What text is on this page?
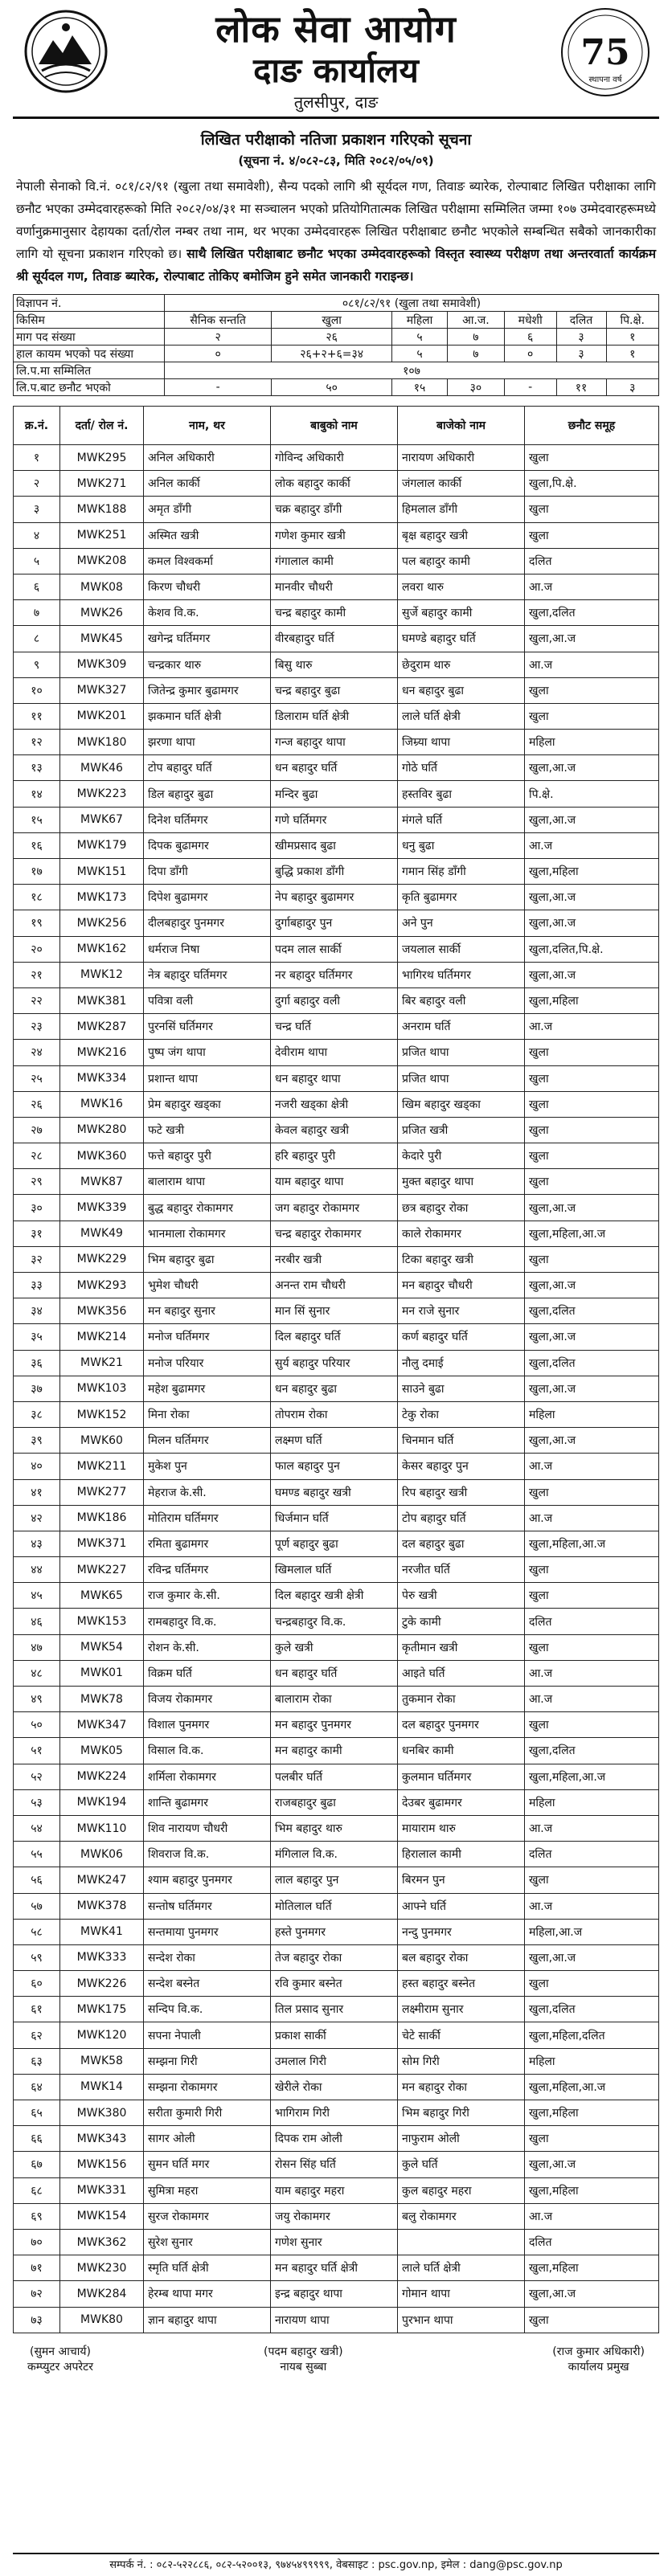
लोक सेवा आयोग
दाङ कार्यालय
तुलसीपुर, दाङ
75
स्थापना वर्ष
लिखित परीक्षाको नतिजा प्रकाशन गरिएको सूचना
(सूचना नं. ४/०८२-८३, मिति २०८२/०५/०९)

नेपाली सेनाको वि.नं. ०८१/८२/९१ (खुला तथा समावेशी), सैन्य पदको लागि श्री सूर्यदल गण, तिवाङ ब्यारेक, रोल्पाबाट लिखित परीक्षाका लागि छनौट भएका उम्मेदवारहरूको मिति २०८२/०४/३१ मा सञ्चालन भएको प्रतियोगितात्मक लिखित परीक्षामा सम्मिलित जम्मा १०७ उम्मेदवारहरूमध्ये वर्णानुक्रमानुसार देहायका दर्ता/रोल नम्बर तथा नाम, थर भएका उम्मेदवारहरू लिखित परीक्षाबाट छनौट भएकोले सम्बन्धित सबैको जानकारीका लागि यो सूचना प्रकाशन गरिएको छ। साथै लिखित परीक्षाबाट छनौट भएका उम्मेदवारहरूको विस्तृत स्वास्थ्य परीक्षण तथा अन्तरवार्ता कार्यक्रम श्री सूर्यदल गण, तिवाङ ब्यारेक, रोल्पाबाट तोकिए बमोजिम हुने समेत जानकारी गराइन्छ।

विज्ञापन नं.	०८१/८२/९१ (खुला तथा समावेशी)						
किसिम	सैनिक सन्तति	खुला	महिला	आ.ज.	मधेशी	दलित	पि.क्षे.
माग पद संख्या	२	२६	५	७	६	३	१
हाल कायम भएको पद संख्या	०	२६+२+६=३४	५	७	०	३	१
लि.प.मा सम्मिलित	१०७						
लि.प.बाट छनौट भएको	-	५०	१५	३०	-	११	३
क्र.नं.	दर्ता/ रोल नं.	नाम, थर	बाबुको नाम	बाजेको नाम	छनौट समूह
१	MWK295	अनिल अधिकारी	गोविन्द अधिकारी	नारायण अधिकारी	खुला
२	MWK271	अनिल कार्की	लोक बहादुर कार्की	जंगलाल कार्की	खुला,पि.क्षे.
३	MWK188	अमृत डाँगी	चक्र बहादुर डाँगी	हिमलाल डाँगी	खुला
४	MWK251	अस्मित खत्री	गणेश कुमार खत्री	बृक्ष बहादुर खत्री	खुला
५	MWK208	कमल विश्वकर्मा	गंगालाल कामी	पल बहादुर कामी	दलित
६	MWK08	किरण चौधरी	मानवीर चौधरी	लवरा थारु	आ.ज
७	MWK26	केशव वि.क.	चन्द्र बहादुर कामी	सुर्जे बहादुर कामी	खुला,दलित
८	MWK45	खगेन्द्र घर्तिमगर	वीरबहादुर घर्ति	घमण्डे बहादुर घर्ति	खुला,आ.ज
९	MWK309	चन्द्रकार थारु	बिसु थारु	छेदुराम थारु	आ.ज
१०	MWK327	जितेन्द्र कुमार बुढामगर	चन्द्र बहादुर बुढा	धन बहादुर बुढा	खुला
११	MWK201	झकमान घर्ति क्षेत्री	डिलाराम घर्ति क्षेत्री	लाले घर्ति क्षेत्री	खुला
१२	MWK180	झरणा थापा	गन्ज बहादुर थापा	जिम्र्या थापा	महिला
१३	MWK46	टोप बहादुर घर्ति	धन बहादुर घर्ति	गोठे घर्ति	खुला,आ.ज
१४	MWK223	डिल बहादुर बुढा	मन्दिर बुढा	हस्तविर बुढा	पि.क्षे.
१५	MWK67	दिनेश घर्तिमगर	गणे घर्तिमगर	मंगले घर्ति	खुला,आ.ज
१६	MWK179	दिपक बुढामगर	खीमप्रसाद बुढा	धनु बुढा	आ.ज
१७	MWK151	दिपा डाँगी	बुद्धि प्रकाश डाँगी	गमान सिंह डाँगी	खुला,महिला
१८	MWK173	दिपेश बुढामगर	नेप बहादुर बुढामगर	कृति बुढामगर	खुला,आ.ज
१९	MWK256	दीलबहादुर पुनमगर	दुर्गाबहादुर पुन	अने पुन	खुला,आ.ज
२०	MWK162	धर्मराज निषा	पदम लाल सार्की	जयलाल सार्की	खुला,दलित,पि.क्षे.
२१	MWK12	नेत्र बहादुर घर्तिमगर	नर बहादुर घर्तिमगर	भागिरथ घर्तिमगर	खुला,आ.ज
२२	MWK381	पवित्रा वली	दुर्गा बहादुर वली	बिर बहादुर वली	खुला,महिला
२३	MWK287	पुरनसिं घर्तिमगर	चन्द्र घर्ति	अनराम घर्ति	आ.ज
२४	MWK216	पुष्प जंग थापा	देवीराम थापा	प्रजित थापा	खुला
२५	MWK334	प्रशान्त थापा	धन बहादुर थापा	प्रजित थापा	खुला
२६	MWK16	प्रेम बहादुर खड्का	नजरी खड्का क्षेत्री	खिम बहादुर खड्का	खुला
२७	MWK280	फटे खत्री	केवल बहादुर खत्री	प्रजित खत्री	खुला
२८	MWK360	फत्ते बहादुर पुरी	हरि बहादुर पुरी	केदारे पुरी	खुला
२९	MWK87	बालाराम थापा	याम बहादुर थापा	मुक्त बहादुर थापा	खुला
३०	MWK339	बुद्ध बहादुर रोकामगर	जग बहादुर रोकामगर	छत्र बहादुर रोका	खुला,आ.ज
३१	MWK49	भानमाला रोकामगर	चन्द्र बहादुर रोकामगर	काले रोकामगर	खुला,महिला,आ.ज
३२	MWK229	भिम बहादुर बुढा	नरबीर खत्री	टिका बहादुर खत्री	खुला
३३	MWK293	भुमेश चौधरी	अनन्त राम चौधरी	मन बहादुर चौधरी	खुला,आ.ज
३४	MWK356	मन बहादुर सुनार	मान सिं सुनार	मन राजे सुनार	खुला,दलित
३५	MWK214	मनोज घर्तिमगर	दिल बहादुर घर्ति	कर्ण बहादुर घर्ति	खुला,आ.ज
३६	MWK21	मनोज परियार	सुर्य बहादुर परियार	नौलु दमाई	खुला,दलित
३७	MWK103	महेश बुढामगर	धन बहादुर बुढा	साउने बुढा	खुला,आ.ज
३८	MWK152	मिना रोका	तोपराम रोका	टेकु रोका	महिला
३९	MWK60	मिलन घर्तिमगर	लक्ष्मण घर्ति	चिनमान घर्ति	खुला,आ.ज
४०	MWK211	मुकेश पुन	फाल बहादुर पुन	केसर बहादुर पुन	आ.ज
४१	MWK277	मेहराज के.सी.	घमण्ड बहादुर खत्री	रिप बहादुर खत्री	खुला
४२	MWK186	मोतिराम घर्तिमगर	धिर्जमान घर्ति	टोप बहादुर घर्ति	आ.ज
४३	MWK371	रमिता बुढामगर	पूर्ण बहादुर बुढा	दल बहादुर बुढा	खुला,महिला,आ.ज
४४	MWK227	रविन्द्र घर्तिमगर	खिमलाल घर्ति	नरजीत घर्ति	खुला
४५	MWK65	राज कुमार के.सी.	दिल बहादुर खत्री क्षेत्री	पेरु खत्री	खुला
४६	MWK153	रामबहादुर वि.क.	चन्द्रबहादुर वि.क.	टुके कामी	दलित
४७	MWK54	रोशन के.सी.	कुले खत्री	कृतीमान खत्री	खुला
४८	MWK01	विक्रम घर्ति	धन बहादुर घर्ति	आइते घर्ति	आ.ज
४९	MWK78	विजय रोकामगर	बालाराम रोका	तुकमान रोका	आ.ज
५०	MWK347	विशाल पुनमगर	मन बहादुर पुनमगर	दल बहादुर पुनमगर	खुला
५१	MWK05	विसाल वि.क.	मन बहादुर कामी	धनबिर कामी	खुला,दलित
५२	MWK224	शर्मिला रोकामगर	पलबीर घर्ति	कुलमान घर्तिमगर	खुला,महिला,आ.ज
५३	MWK194	शान्ति बुढामगर	राजबहादुर बुढा	देउबर बुढामगर	महिला
५४	MWK110	शिव नारायण चौधरी	भिम बहादुर थारु	मायाराम थारु	आ.ज
५५	MWK06	शिवराज वि.क.	मंगिलाल वि.क.	हिरालाल कामी	दलित
५६	MWK247	श्याम बहादुर पुनमगर	लाल बहादुर पुन	बिरमन पुन	खुला
५७	MWK378	सन्तोष घर्तिमगर	मोतिलाल घर्ति	आफ्ने घर्ति	आ.ज
५८	MWK41	सन्तमाया पुनमगर	हस्ते पुनमगर	नन्दु पुनमगर	महिला,आ.ज
५९	MWK333	सन्देश रोका	तेज बहादुर रोका	बल बहादुर रोका	खुला,आ.ज
६०	MWK226	सन्देश बस्नेत	रवि कुमार बस्नेत	हस्त बहादुर बस्नेत	खुला
६१	MWK175	सन्दिप वि.क.	तिल प्रसाद सुनार	लक्ष्मीराम सुनार	खुला,दलित
६२	MWK120	सपना नेपाली	प्रकाश सार्की	चेटे सार्की	खुला,महिला,दलित
६३	MWK58	सम्झना गिरी	उमलाल गिरी	सोम गिरी	महिला
६४	MWK14	सम्झना रोकामगर	खेरीले रोका	मन बहादुर रोका	खुला,महिला,आ.ज
६५	MWK380	सरीता कुमारी गिरी	भागिराम गिरी	भिम बहादुर गिरी	खुला,महिला
६६	MWK343	सागर ओली	दिपक राम ओली	नाफुराम ओली	खुला
६७	MWK156	सुमन घर्ति मगर	रोसन सिंह घर्ति	कुले घर्ति	खुला,आ.ज
६८	MWK331	सुमित्रा महरा	याम बहादुर महरा	कुल बहादुर महरा	खुला,महिला
६९	MWK154	सुरज रोकामगर	जयु रोकामगर	बलु रोकामगर	आ.ज
७०	MWK362	सुरेश सुनार	गणेश सुनार		दलित
७१	MWK230	स्मृति घर्ति क्षेत्री	मन बहादुर घर्ति क्षेत्री	लाले घर्ति क्षेत्री	खुला,महिला
७२	MWK284	हेरम्ब थापा मगर	इन्द्र बहादुर थापा	गोमान थापा	खुला,आ.ज
७३	MWK80	ज्ञान बहादुर थापा	नारायण थापा	पुरभान थापा	खुला
(सुमन आचार्य)
कम्प्युटर अपरेटर
(पदम बहादुर खत्री)
नायब सुब्बा
(राज कुमार अधिकारी)
कार्यालय प्रमुख
सम्पर्क नं. : ०८२-५२२८८६, ०८२-५२००१३, ९७४५४९९९९९, वेबसाइट : psc.gov.np, इमेल : dang@psc.gov.np
